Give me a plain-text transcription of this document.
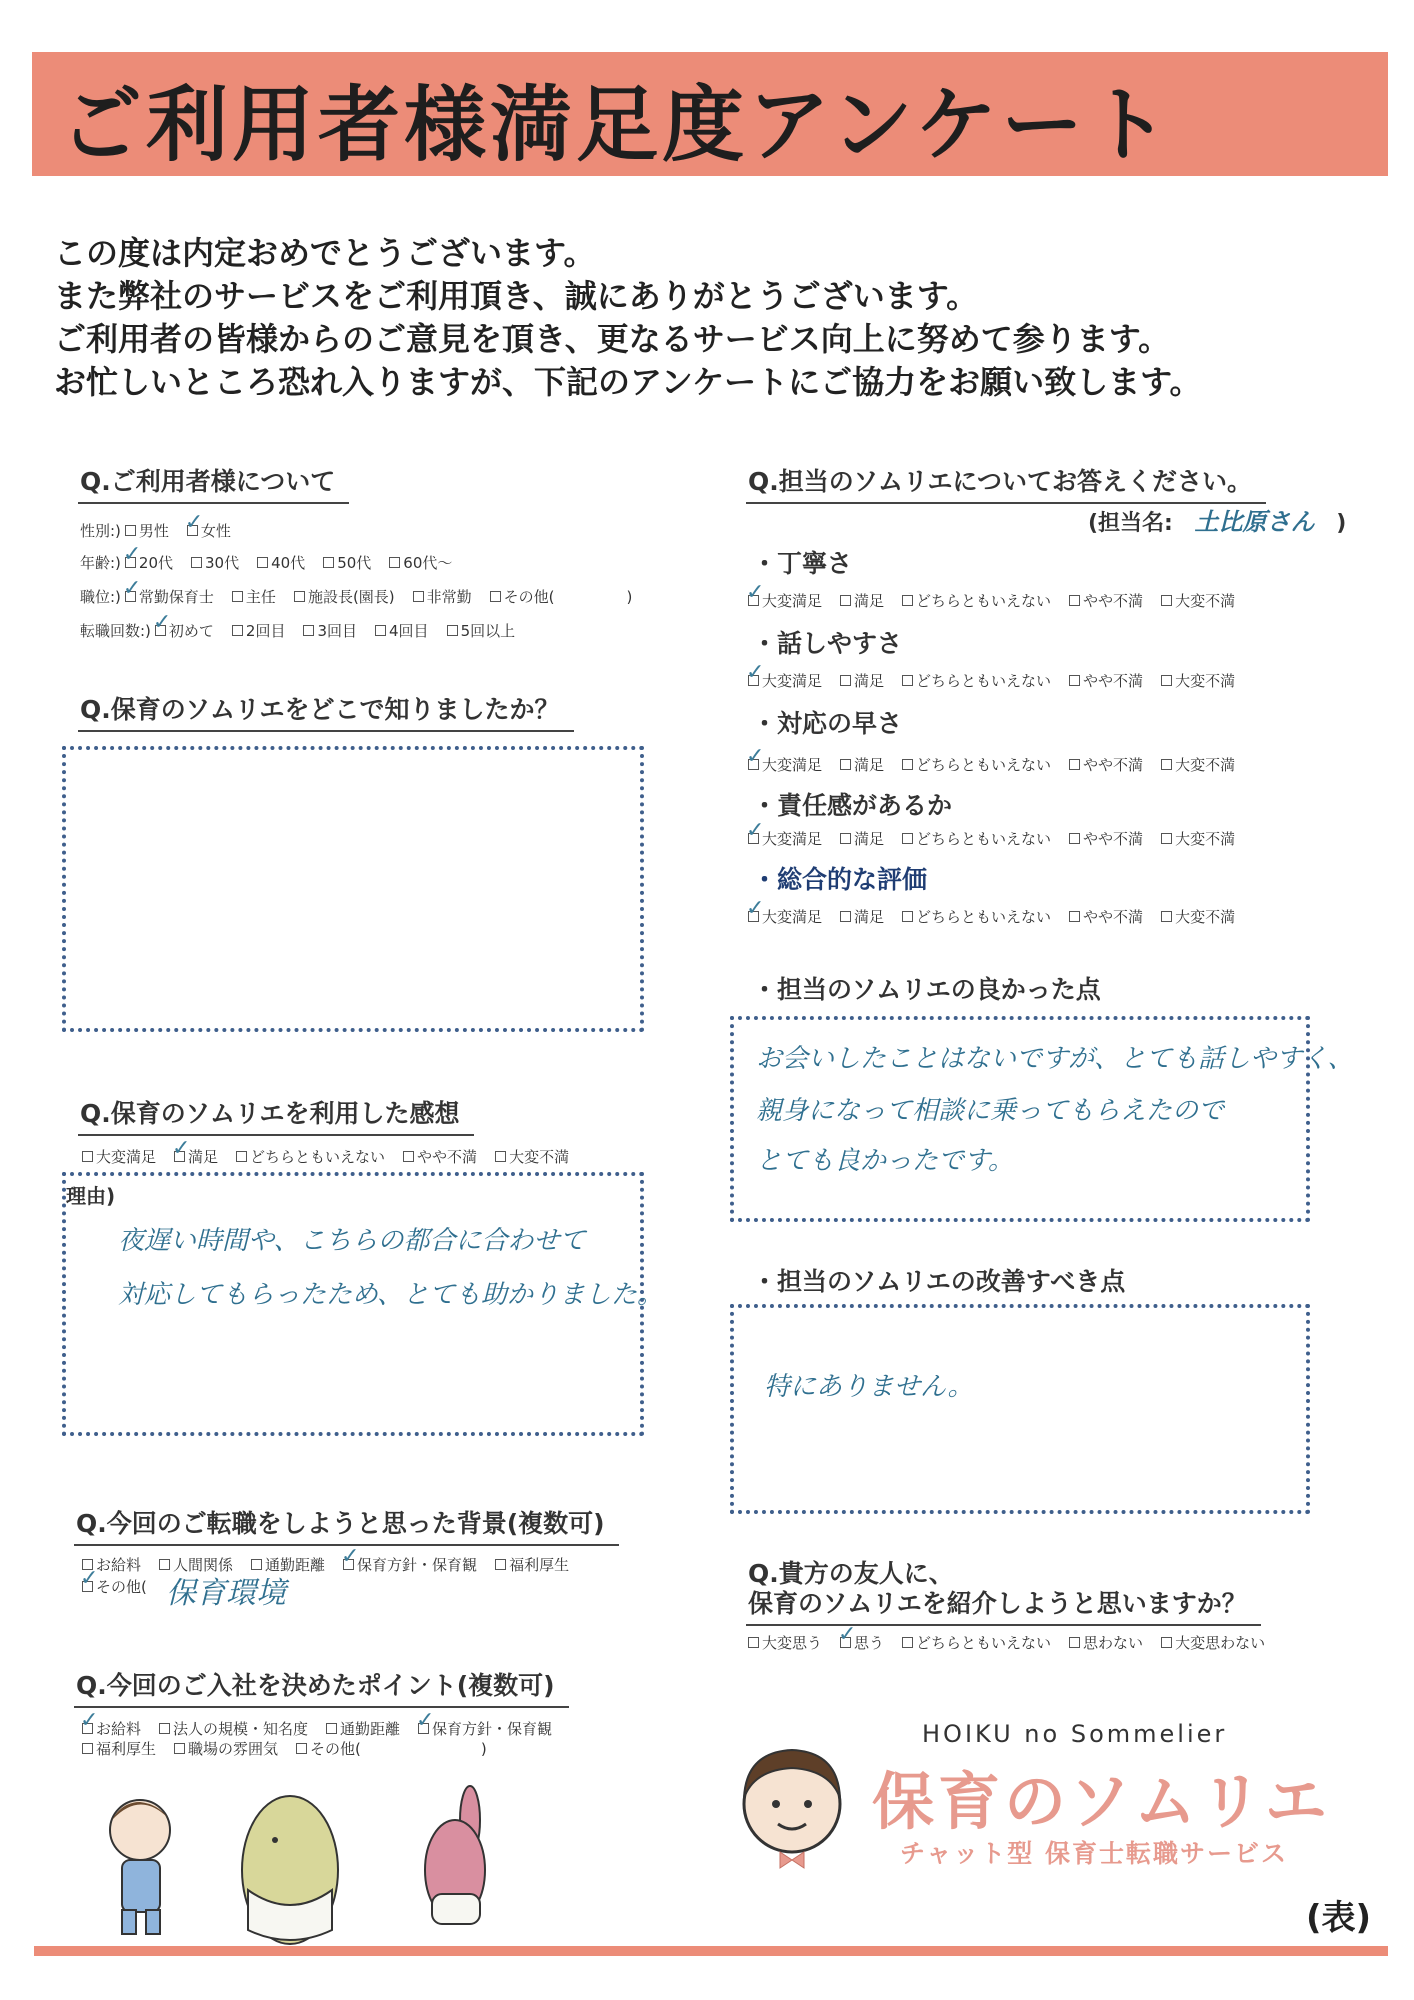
ご利用者様満足度アンケート
この度は内定おめでとうございます。
また弊社のサービスをご利用頂き、誠にありがとうございます。
ご利用者の皆様からのご意見を頂き、更なるサービス向上に努めて参ります。
お忙しいところ恐れ入りますが、下記のアンケートにご協力をお願い致します。
Q.ご利用者様について
性別:) 男性 ✓
女性
年齢:) ✓
20代 30代 40代 50代 60代～
職位:) ✓
常勤保育士 主任 施設長(園長) 非常勤 その他(	)
転職回数:) ✓
初めて 2回目 3回目 4回目 5回以上
Q.保育のソムリエをどこで知りましたか？
Q.保育のソムリエを利用した感想
大変満足 ✓
満足 どちらともいえない やや不満 大変不満
理由)
夜遅い時間や、こちらの都合に合わせて
対応してもらったため、とても助かりました。
Q.今回のご転職をしようと思った背景(複数可)
お給料 人間関係 通勤距離 ✓
保育方針・保育観 福利厚生
✓
その他( 保育環境
Q.今回のご入社を決めたポイント(複数可)
✓
お給料 法人の規模・知名度 通勤距離 ✓
保育方針・保育観
福利厚生 職場の雰囲気 その他(	)
Q.担当のソムリエについてお答えください。
(担当名: 土比原さん )
・丁寧さ
✓
大変満足 満足 どちらともいえない やや不満 大変不満
・話しやすさ
✓
大変満足 満足 どちらともいえない やや不満 大変不満
・対応の早さ
✓
大変満足 満足 どちらともいえない やや不満 大変不満
・責任感があるか
✓
大変満足 満足 どちらともいえない やや不満 大変不満
・総合的な評価
✓
大変満足 満足 どちらともいえない やや不満 大変不満
・担当のソムリエの良かった点
お会いしたことはないですが、とても話しやすく、
親身になって相談に乗ってもらえたので
とても良かったです。
・担当のソムリエの改善すべき点
特にありません。
Q.貴方の友人に、
保育のソムリエを紹介しようと思いますか？
大変思う ✓
思う どちらともいえない 思わない 大変思わない
HOIKU no Sommelier
保育のソムリエ
チャット型 保育士転職サービス
(表)
